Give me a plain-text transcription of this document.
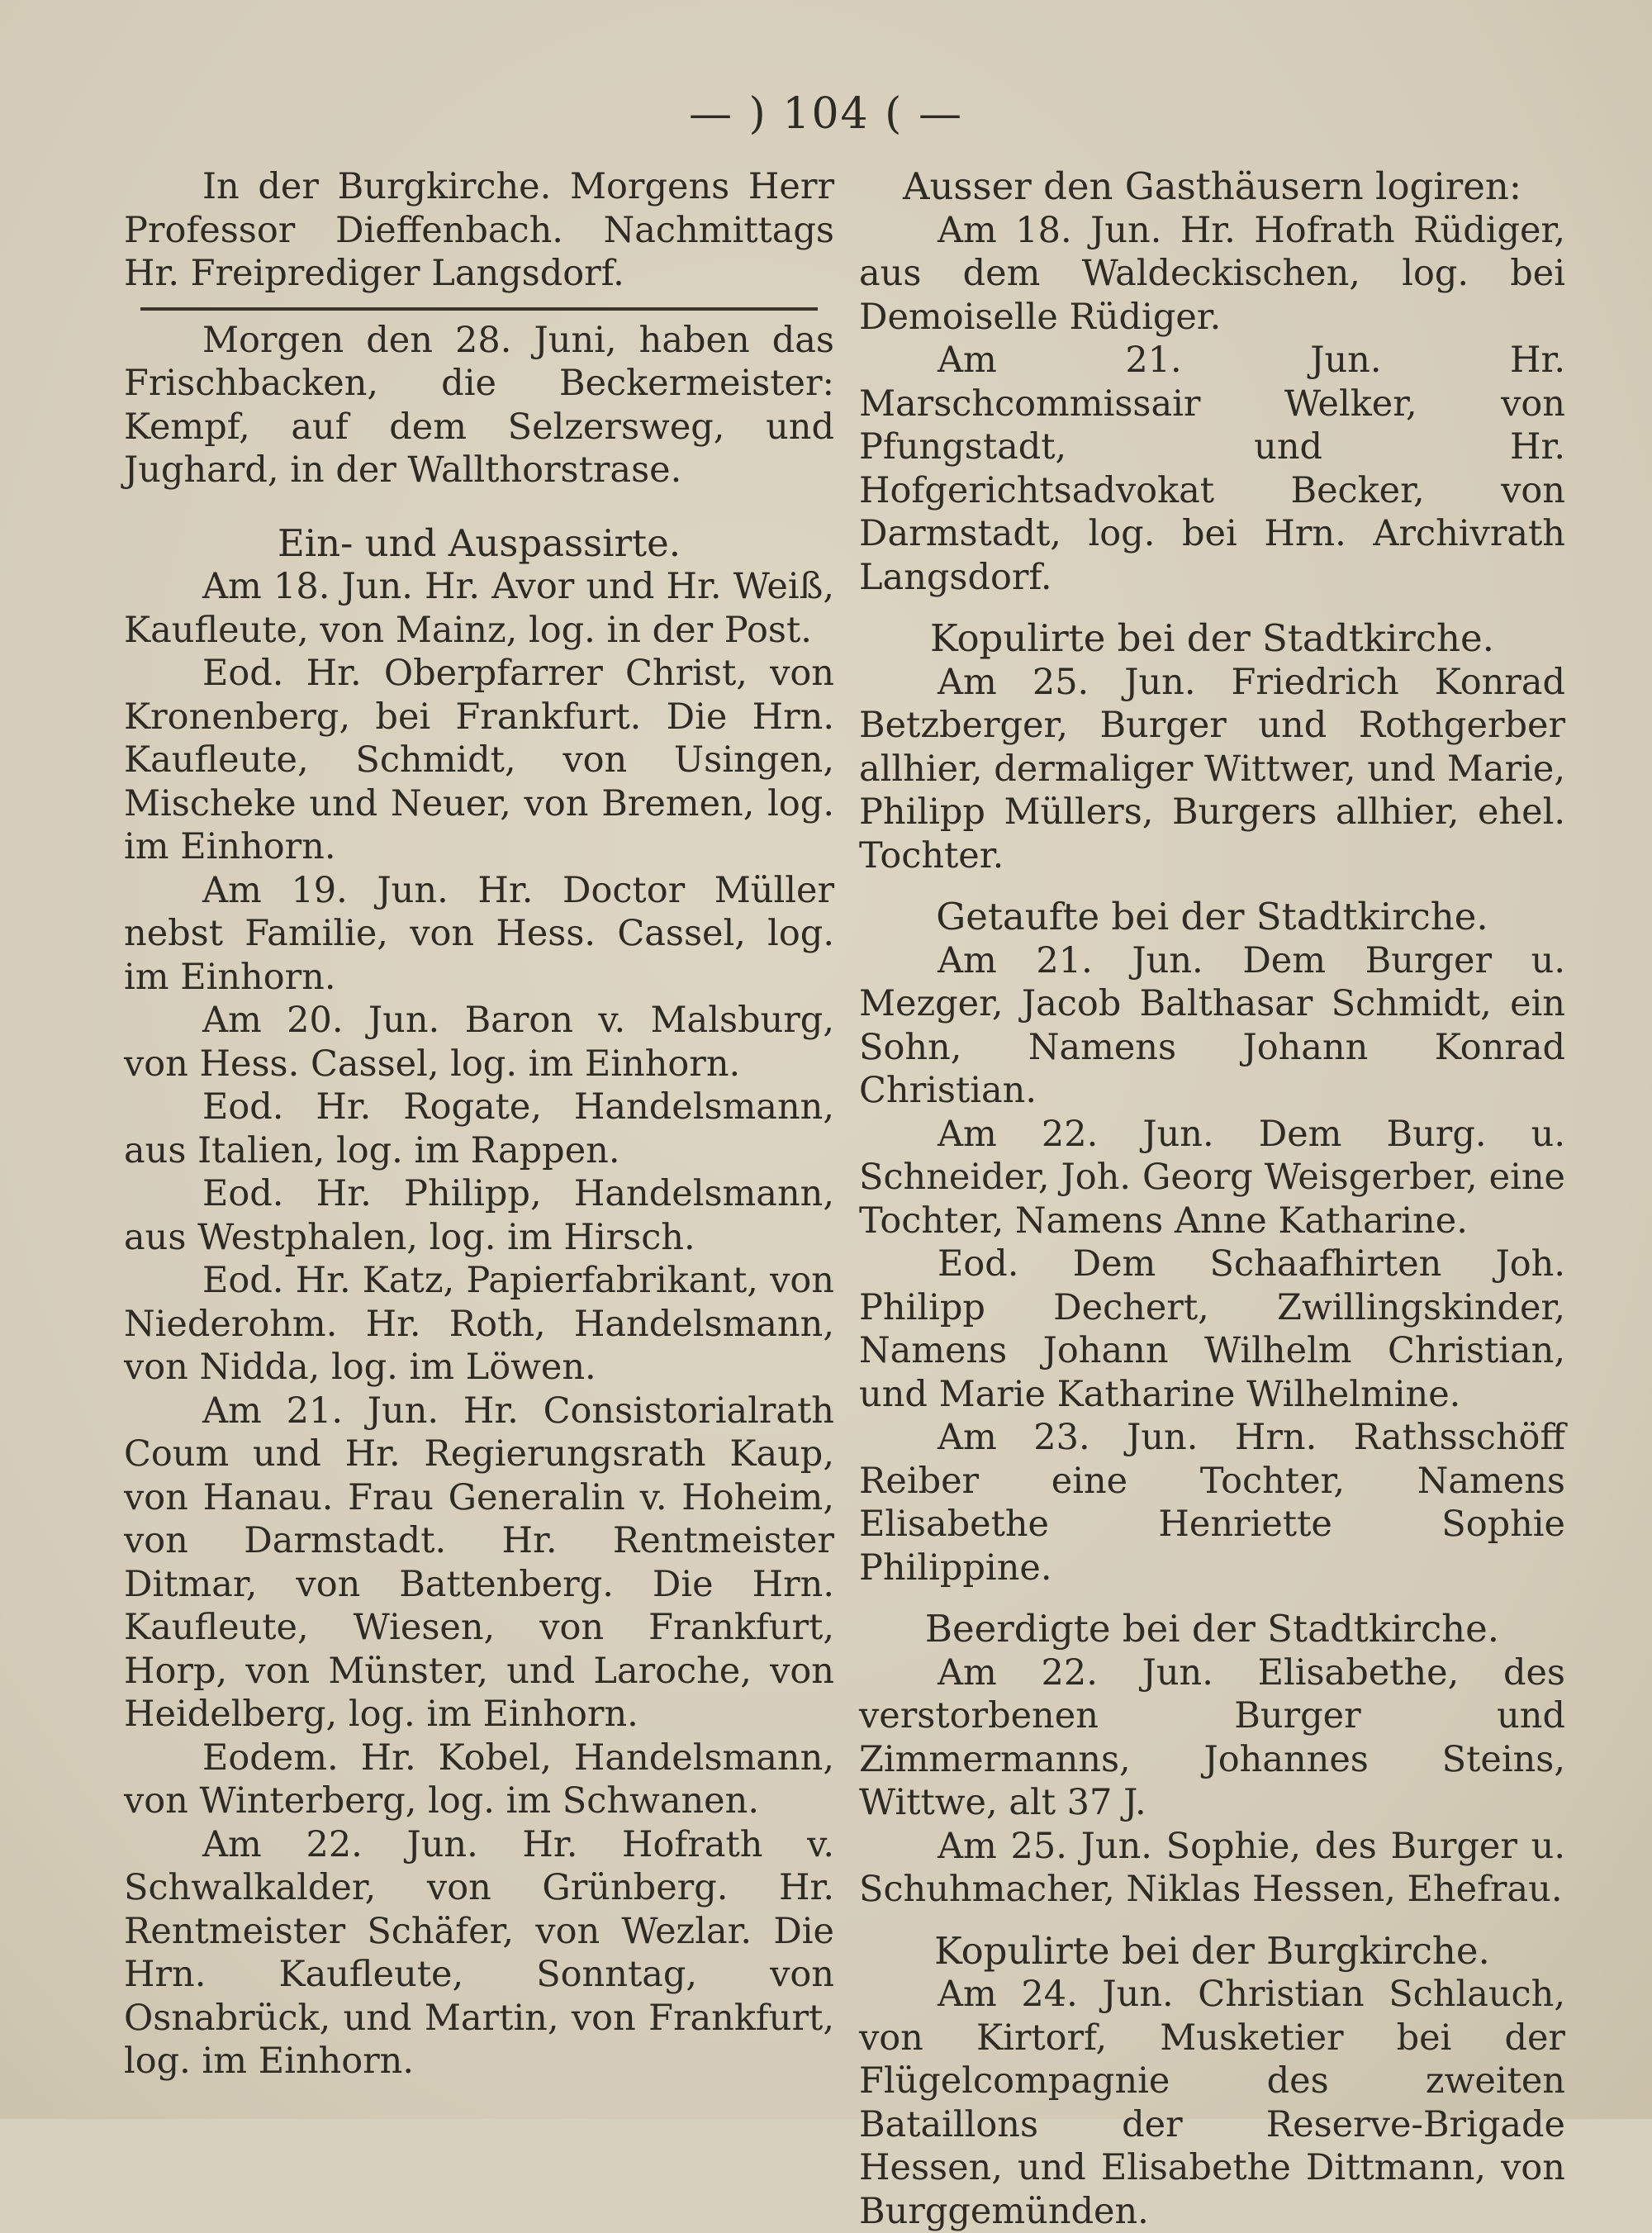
— ) 104 ( —

In der Burgkirche. Morgens Herr Professor Dieffenbach. Nachmittags Hr. Freiprediger Langsdorf.

Morgen den 28. Juni, haben das Frischbacken, die Beckermeister: Kempf, auf dem Selzersweg, und Jughard, in der Wallthorstrase.

Ein- und Auspassirte.

Am 18. Jun. Hr. Avor und Hr. Weiß, Kaufleute, von Mainz, log. in der Post.

Eod. Hr. Oberpfarrer Christ, von Kronenberg, bei Frankfurt. Die Hrn. Kaufleute, Schmidt, von Usingen, Mischeke und Neuer, von Bremen, log. im Einhorn.

Am 19. Jun. Hr. Doctor Müller nebst Familie, von Hess. Cassel, log. im Einhorn.

Am 20. Jun. Baron v. Malsburg, von Hess. Cassel, log. im Einhorn.

Eod. Hr. Rogate, Handelsmann, aus Italien, log. im Rappen.

Eod. Hr. Philipp, Handelsmann, aus Westphalen, log. im Hirsch.

Eod. Hr. Katz, Papierfabrikant, von Niederohm. Hr. Roth, Handelsmann, von Nidda, log. im Löwen.

Am 21. Jun. Hr. Consistorialrath Coum und Hr. Regierungsrath Kaup, von Hanau. Frau Generalin v. Hoheim, von Darmstadt. Hr. Rentmeister Ditmar, von Battenberg. Die Hrn. Kaufleute, Wiesen, von Frankfurt, Horp, von Münster, und Laroche, von Heidelberg, log. im Einhorn.

Eodem. Hr. Kobel, Handelsmann, von Winterberg, log. im Schwanen.

Am 22. Jun. Hr. Hofrath v. Schwalkalder, von Grünberg. Hr. Rentmeister Schäfer, von Wezlar. Die Hrn. Kaufleute, Sonntag, von Osnabrück, und Martin, von Frankfurt, log. im Einhorn.

Ausser den Gasthäusern logiren:

Am 18. Jun. Hr. Hofrath Rüdiger, aus dem Waldeckischen, log. bei Demoiselle Rüdiger.

Am 21. Jun. Hr. Marschcommissair Welker, von Pfungstadt, und Hr. Hofgerichtsadvokat Becker, von Darmstadt, log. bei Hrn. Archivrath Langsdorf.

Kopulirte bei der Stadtkirche.

Am 25. Jun. Friedrich Konrad Betzberger, Burger und Rothgerber allhier, dermaliger Wittwer, und Marie, Philipp Müllers, Burgers allhier, ehel. Tochter.

Getaufte bei der Stadtkirche.

Am 21. Jun. Dem Burger u. Mezger, Jacob Balthasar Schmidt, ein Sohn, Namens Johann Konrad Christian.

Am 22. Jun. Dem Burg. u. Schneider, Joh. Georg Weisgerber, eine Tochter, Namens Anne Katharine.

Eod. Dem Schaafhirten Joh. Philipp Dechert, Zwillingskinder, Namens Johann Wilhelm Christian, und Marie Katharine Wilhelmine.

Am 23. Jun. Hrn. Rathsschöff Reiber eine Tochter, Namens Elisabethe Henriette Sophie Philippine.

Beerdigte bei der Stadtkirche.

Am 22. Jun. Elisabethe, des verstorbenen Burger und Zimmermanns, Johannes Steins, Wittwe, alt 37 J.

Am 25. Jun. Sophie, des Burger u. Schuhmacher, Niklas Hessen, Ehefrau.

Kopulirte bei der Burgkirche.

Am 24. Jun. Christian Schlauch, von Kirtorf, Musketier bei der Flügelcompagnie des zweiten Bataillons der Reserve-Brigade Hessen, und Elisabethe Dittmann, von Burggemünden.
